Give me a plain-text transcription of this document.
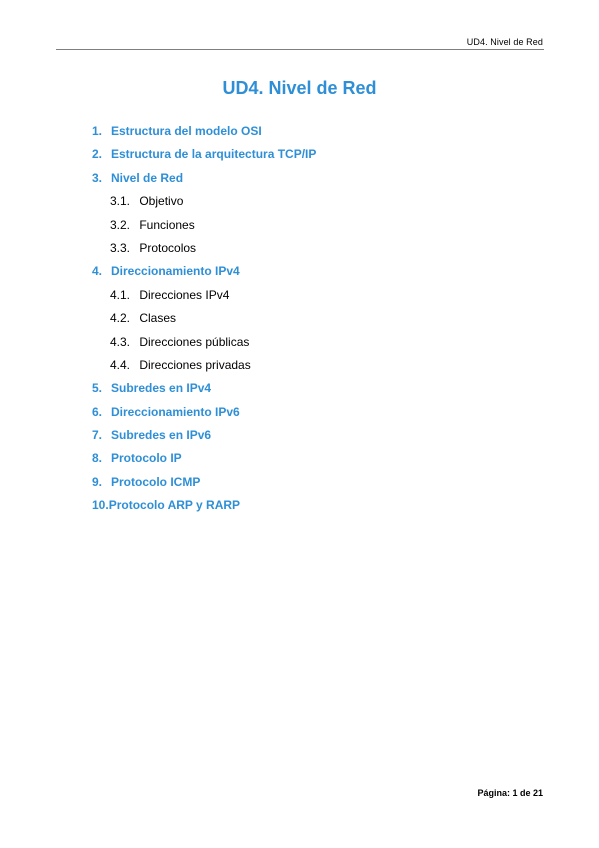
UD4. Nivel de Red
UD4. Nivel de Red
1. Estructura del modelo OSI
2. Estructura de la arquitectura TCP/IP
3. Nivel de Red
3.1. Objetivo
3.2. Funciones
3.3. Protocolos
4. Direccionamiento IPv4
4.1. Direcciones IPv4
4.2. Clases
4.3. Direcciones públicas
4.4. Direcciones privadas
5. Subredes en IPv4
6. Direccionamiento IPv6
7. Subredes en IPv6
8. Protocolo IP
9. Protocolo ICMP
10.Protocolo ARP y RARP
Página: 1 de 21
